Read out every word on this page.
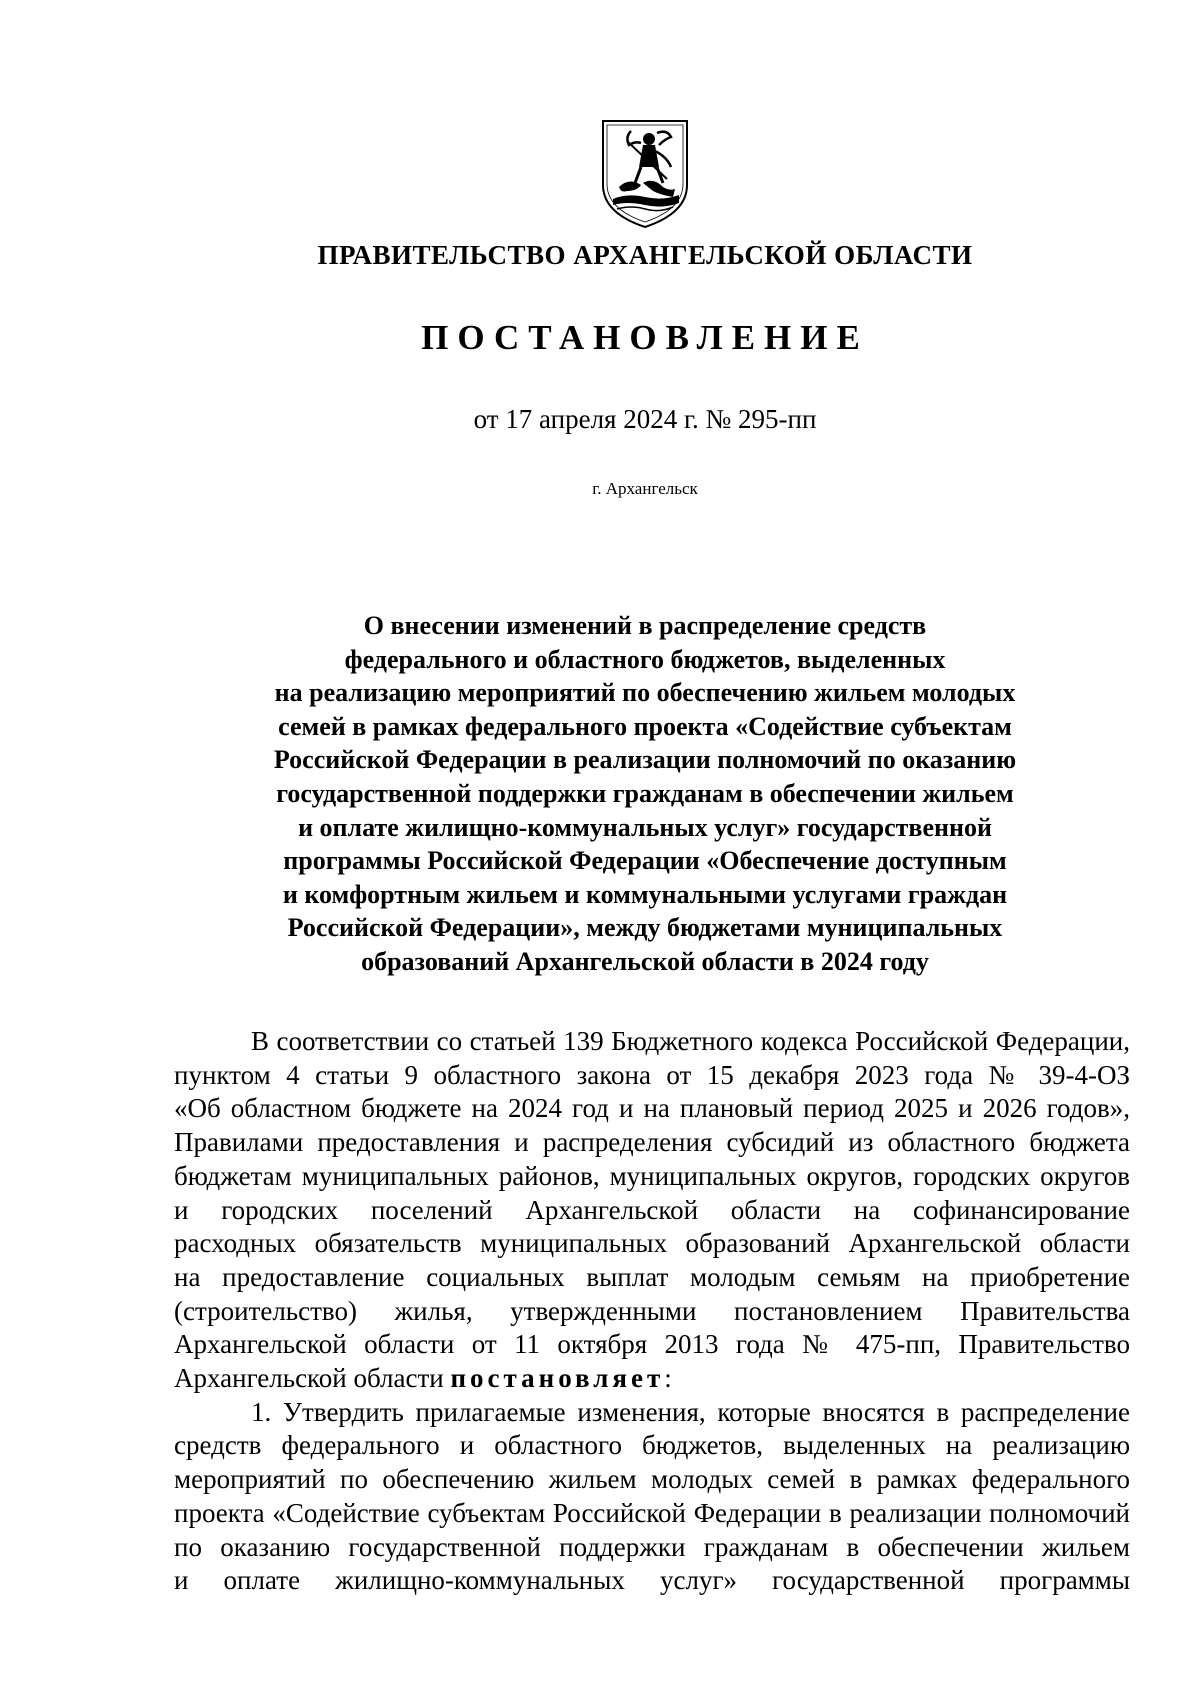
ПРАВИТЕЛЬСТВО АРХАНГЕЛЬСКОЙ ОБЛАСТИ
ПОСТАНОВЛЕНИЕ
от 17 апреля 2024 г. № 295-пп
г. Архангельск
О внесении изменений в распределение средств
федерального и областного бюджетов, выделенных
на реализацию мероприятий по обеспечению жильем молодых
семей в рамках федерального проекта «Содействие субъектам
Российской Федерации в реализации полномочий по оказанию
государственной поддержки гражданам в обеспечении жильем
и оплате жилищно-коммунальных услуг» государственной
программы Российской Федерации «Обеспечение доступным
и комфортным жильем и коммунальными услугами граждан
Российской Федерации», между бюджетами муниципальных
образований Архангельской области в 2024 году
В соответствии со статьей 139 Бюджетного кодекса Российской Федерации,
пунктом 4 статьи 9 областного закона от 15 декабря 2023 года № 39-4-ОЗ
«Об областном бюджете на 2024 год и на плановый период 2025 и 2026 годов»,
Правилами предоставления и распределения субсидий из областного бюджета
бюджетам муниципальных районов, муниципальных округов, городских округов
и городских поселений Архангельской области на софинансирование
расходных обязательств муниципальных образований Архангельской области
на предоставление социальных выплат молодым семьям на приобретение
(строительство) жилья, утвержденными постановлением Правительства
Архангельской области от 11 октября 2013 года № 475-пп, Правительство
Архангельской области постановляет:
1. Утвердить прилагаемые изменения, которые вносятся в распределение
средств федерального и областного бюджетов, выделенных на реализацию
мероприятий по обеспечению жильем молодых семей в рамках федерального
проекта «Содействие субъектам Российской Федерации в реализации полномочий
по оказанию государственной поддержки гражданам в обеспечении жильем
и оплате жилищно-коммунальных услуг» государственной программы
